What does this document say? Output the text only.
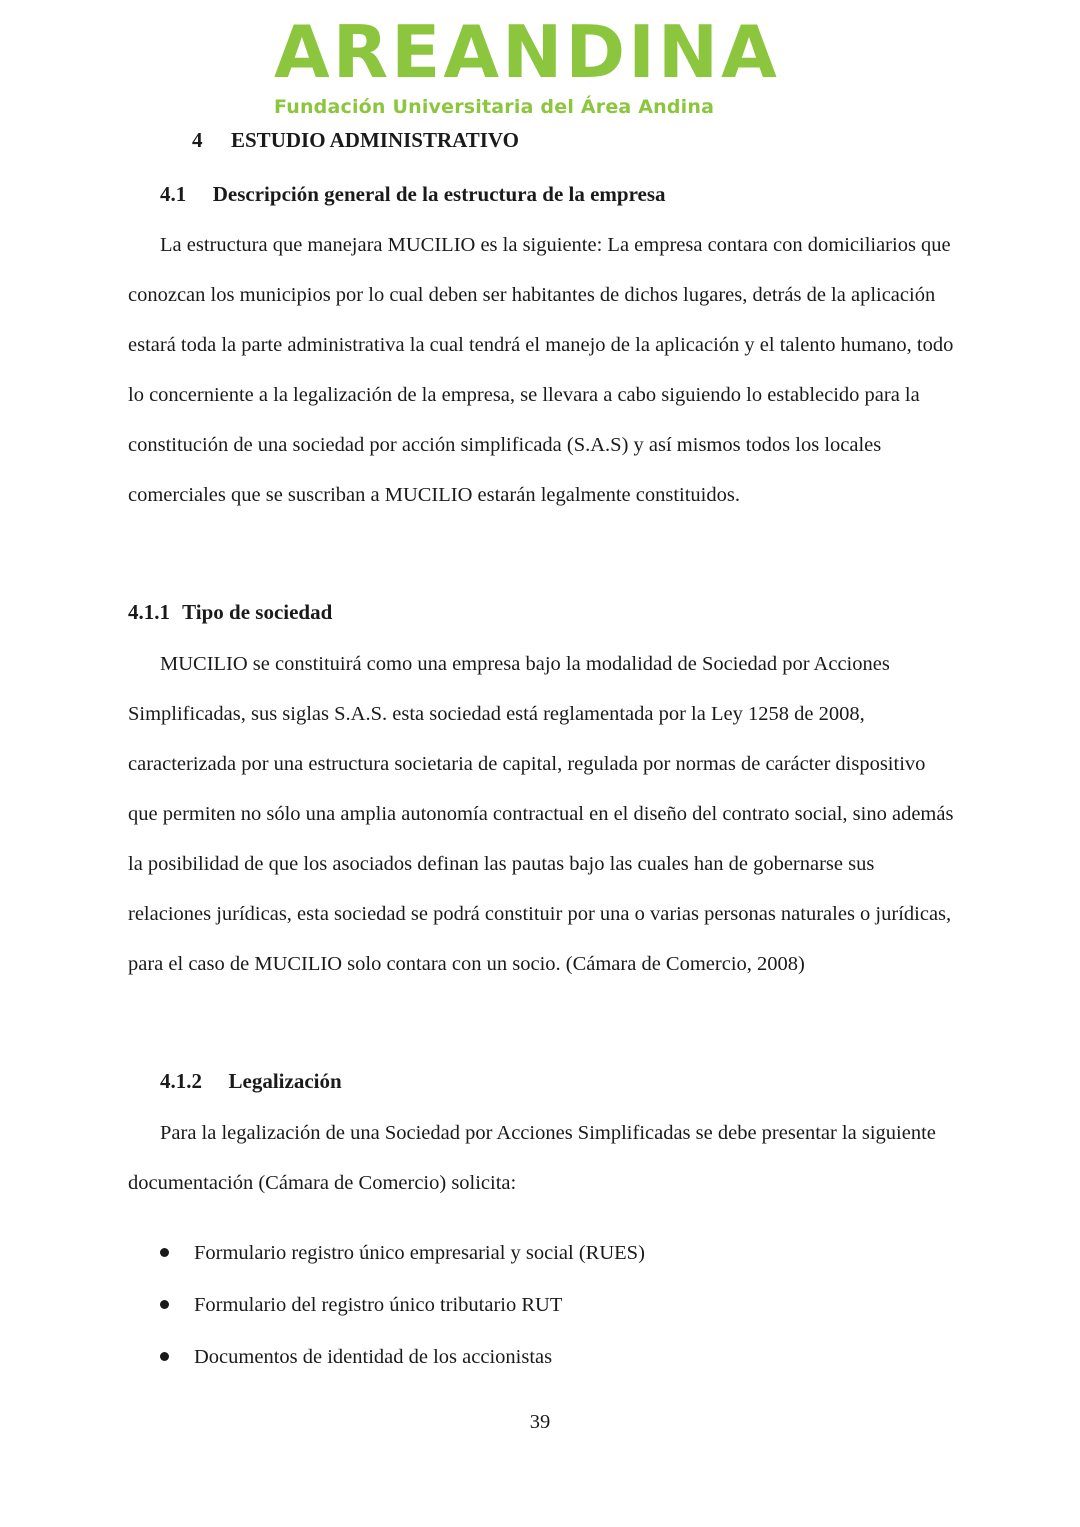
AREANDINA
Fundación Universitaria del Área Andina
4 ESTUDIO ADMINISTRATIVO
4.1 Descripción general de la estructura de la empresa

La estructura que manejara MUCILIO es la siguiente: La empresa contara con domiciliarios que conozcan los municipios por lo cual deben ser habitantes de dichos lugares, detrás de la aplicación estará toda la parte administrativa la cual tendrá el manejo de la aplicación y el talento humano, todo lo concerniente a la legalización de la empresa, se llevara a cabo siguiendo lo establecido para la constitución de una sociedad por acción simplificada (S.A.S) y así mismos todos los locales comerciales que se suscriban a MUCILIO estarán legalmente constituidos.

4.1.1 Tipo de sociedad

MUCILIO se constituirá como una empresa bajo la modalidad de Sociedad por Acciones Simplificadas, sus siglas S.A.S. esta sociedad está reglamentada por la Ley 1258 de 2008, caracterizada por una estructura societaria de capital, regulada por normas de carácter dispositivo que permiten no sólo una amplia autonomía contractual en el diseño del contrato social, sino además la posibilidad de que los asociados definan las pautas bajo las cuales han de gobernarse sus relaciones jurídicas, esta sociedad se podrá constituir por una o varias personas naturales o jurídicas, para el caso de MUCILIO solo contara con un socio. (Cámara de Comercio, 2008)

4.1.2 Legalización

Para la legalización de una Sociedad por Acciones Simplificadas se debe presentar la siguiente documentación (Cámara de Comercio) solicita:

Formulario registro único empresarial y social (RUES)
Formulario del registro único tributario RUT
Documentos de identidad de los accionistas
39
